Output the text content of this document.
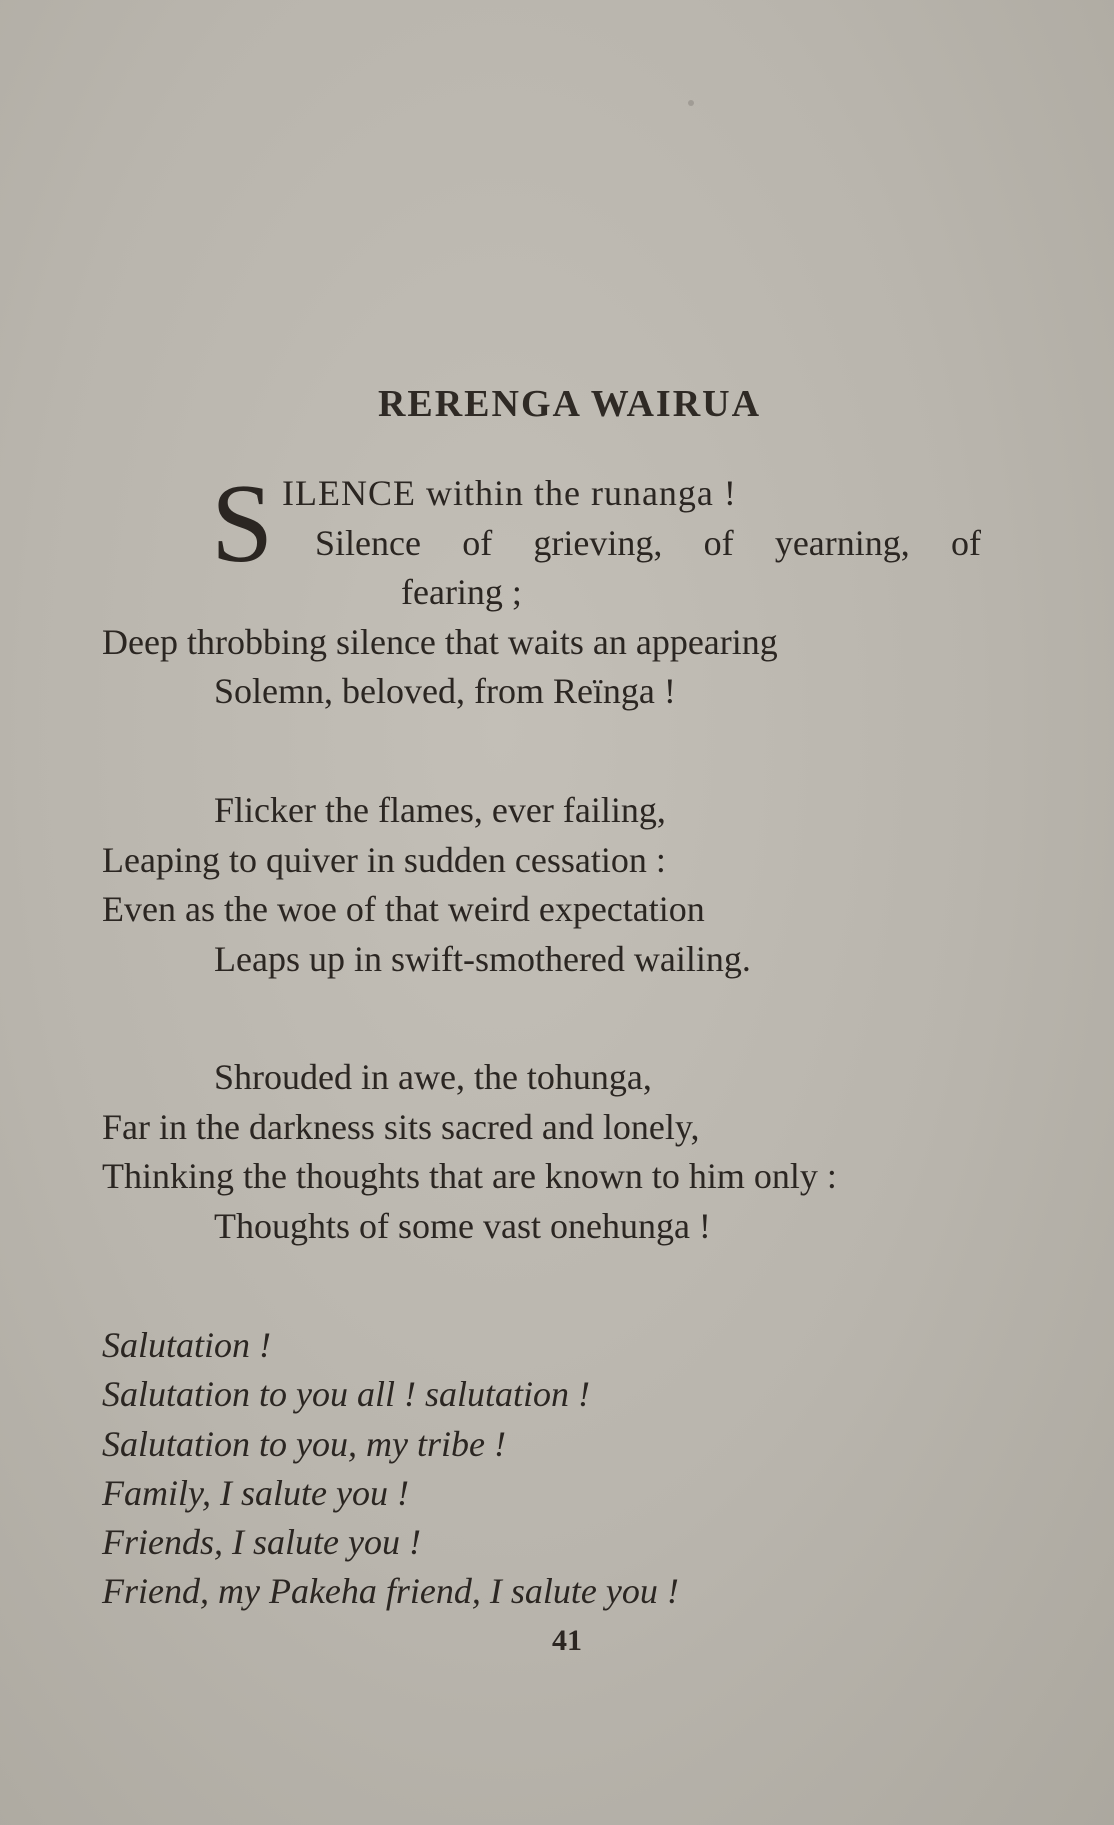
RERENGA WAIRUA
S ILENCE within the runanga !
Silence of grieving, of yearning, of
fearing ;
Deep throbbing silence that waits an appearing
Solemn, beloved, from Reïnga !
Flicker the flames, ever failing,
Leaping to quiver in sudden cessation :
Even as the woe of that weird expectation
Leaps up in swift-smothered wailing.
Shrouded in awe, the tohunga,
Far in the darkness sits sacred and lonely,
Thinking the thoughts that are known to him only :
Thoughts of some vast onehunga !
Salutation !
Salutation to you all ! salutation !
Salutation to you, my tribe !
Family, I salute you !
Friends, I salute you !
Friend, my Pakeha friend, I salute you !
41
